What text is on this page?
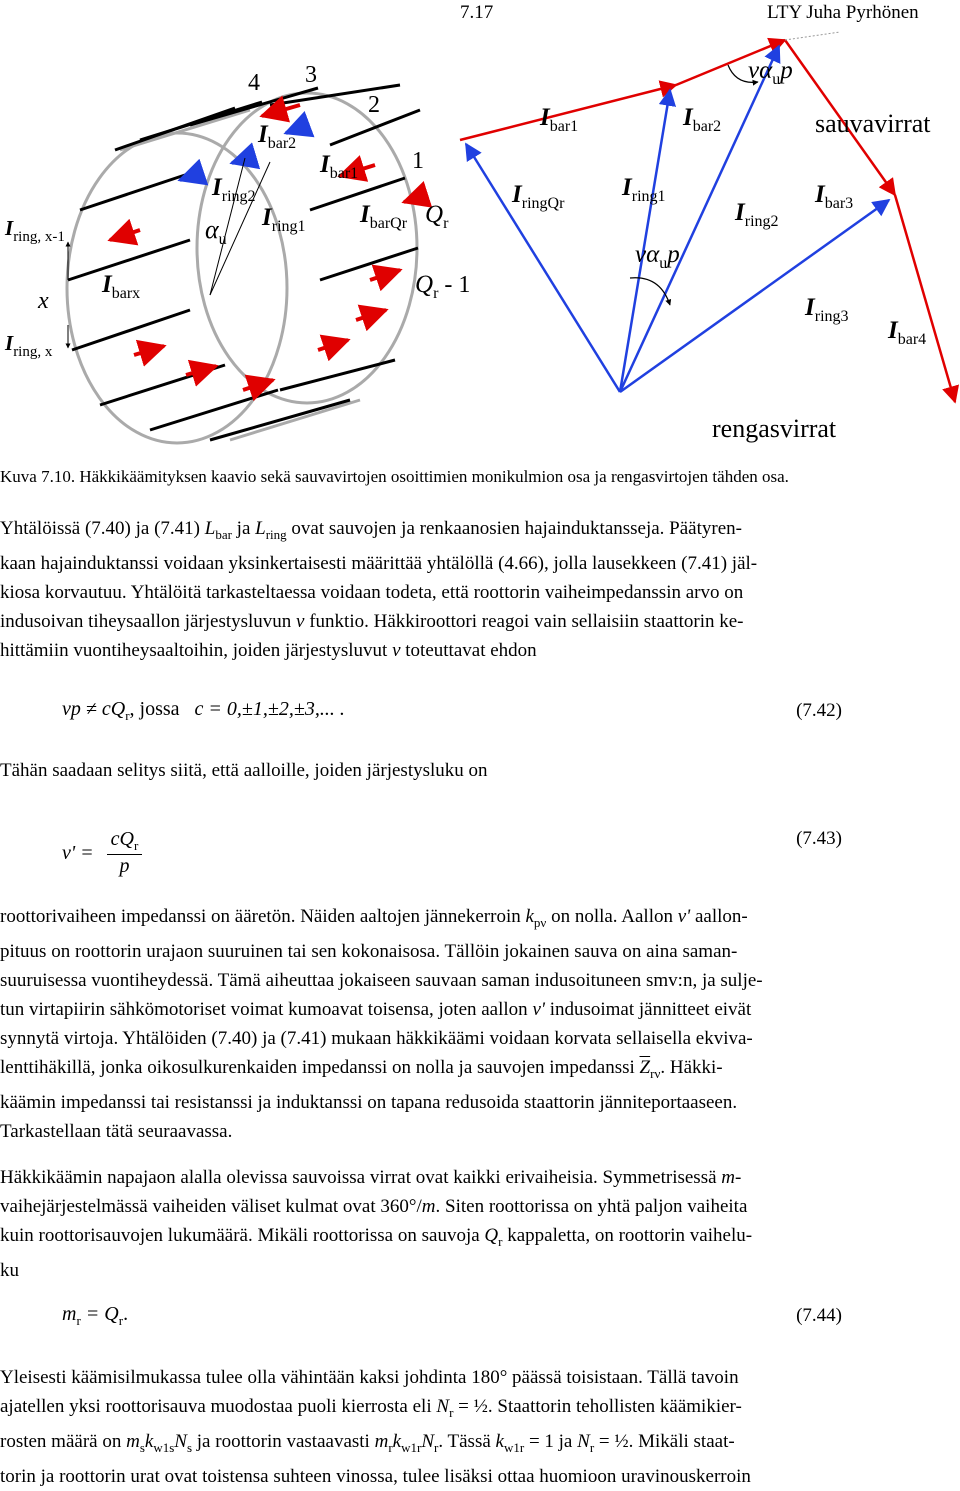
7.17	LTY Juha Pyrhönen
4 3
2
1
$I_{bar2}$
$I_{bar1}$
$I_{ring2}$
$\alpha_u$
$I_{ring1}$ $I_{barQr}$ $Q_r$
$I_{ring, x-1}$
x
$I_{barx}$	$Q_r - 1$
$I_{ring, x}$
$I_{bar1}$	$I_{bar2}$
$\nu\alpha_up$
sauvavirrat
$I_{ringQr}$
$I_{ring1}$
$I_{ring2}$
$I_{bar3}$
$\nu\alpha_up$
$I_{ring3}$
$I_{bar4}$
rengasvirrat
Kuva 7.10. Häkkikäämityksen kaavio sekä sauvavirtojen osoittimien monikulmion osa ja rengasvirtojen tähden osa.
Yhtälöissä (7.40) ja (7.41) $L_{bar}$ ja $L_{ring}$ ovat sauvojen ja renkaanosien hajainduktansseja. Päätyren-
kaan hajainduktanssi voidaan yksinkertaisesti määrittää yhtälöllä (4.66), jolla lausekkeen (7.41) jäl-
kiosa korvautuu. Yhtälöitä tarkasteltaessa voidaan todeta, että roottorin vaiheimpedanssin arvo on
indusoivan tiheysaallon järjestysluvun ν funktio. Häkkiroottori reagoi vain sellaisiin staattorin ke-
hittämiin vuontiheysaaltoihin, joiden järjestysluvut ν toteuttavat ehdon
$\nu p \ne cQ_r$, jossa c = 0,±1,±2,±3,... .	(7.42)
Tähän saadaan selitys siitä, että aalloille, joiden järjestysluku on
ν' =
$cQ_r$
p
(7.43)
roottorivaiheen impedanssi on ääretön. Näiden aaltojen jännekerroin $k_{p\nu}$ on nolla. Aallon ν' aallon-
pituus on roottorin urajaon suuruinen tai sen kokonaisosa. Tällöin jokainen sauva on aina saman-
suuruisessa vuontiheydessä. Tämä aiheuttaa jokaiseen sauvaan saman indusoituneen smv:n, ja sulje-
tun virtapiirin sähkömotoriset voimat kumoavat toisensa, joten aallon ν' indusoimat jännitteet eivät
synnytä virtoja. Yhtälöiden (7.40) ja (7.41) mukaan häkkikäämi voidaan korvata sellaisella ekviva-
lenttihäkillä, jonka oikosulkurenkaiden impedanssi on nolla ja sauvojen impedanssi $\overline{Z}_{r\nu}$. Häkki-
käämin impedanssi tai resistanssi ja induktanssi on tapana redusoida staattorin jänniteportaaseen.
Tarkastellaan tätä seuraavassa.
Häkkikäämin napajaon alalla olevissa sauvoissa virrat ovat kaikki erivaiheisia. Symmetrisessä m-
vaihejärjestelmässä vaiheiden väliset kulmat ovat 360°/m. Siten roottorissa on yhtä paljon vaiheita
kuin roottorisauvojen lukumäärä. Mikäli roottorissa on sauvoja $Q_r$ kappaletta, on roottorin vaihelu-
ku
$m_r = Q_r$.	(7.44)
Yleisesti käämisilmukassa tulee olla vähintään kaksi johdinta 180° päässä toisistaan. Tällä tavoin
ajatellen yksi roottorisauva muodostaa puoli kierrosta eli $N_r$ = ½. Staattorin tehollisten käämikier-
rosten määrä on $m_sk_{w1s}N_s$ ja roottorin vastaavasti $m_rk_{w1r}N_r$. Tässä $k_{w1r} = 1$ ja $N_r$ = ½. Mikäli staat-
torin ja roottorin urat ovat toistensa suhteen vinossa, tulee lisäksi ottaa huomioon uravinouskerroin
